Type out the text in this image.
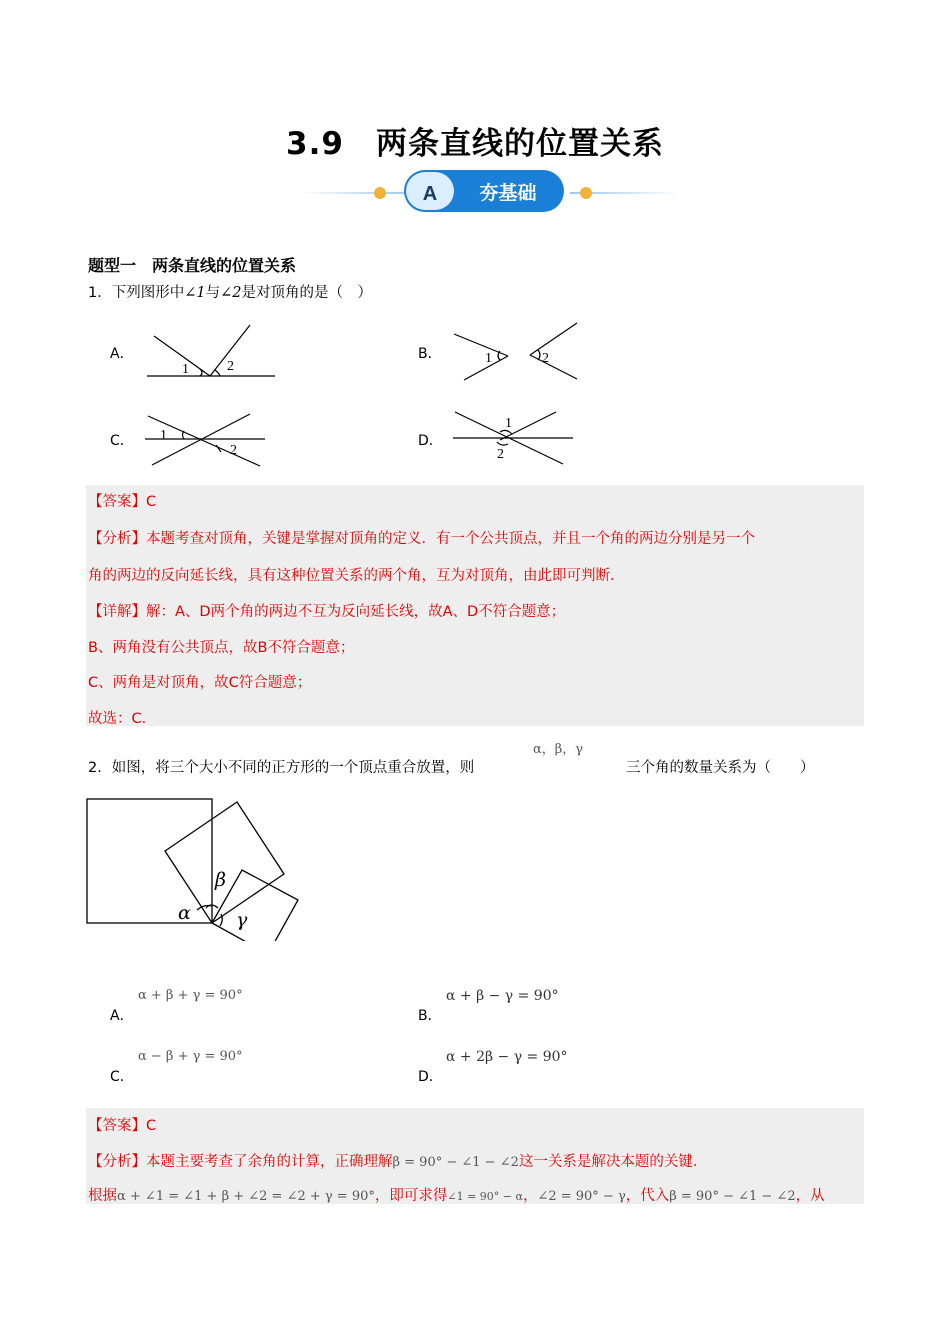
3.9　两条直线的位置关系
A 夯基础
题型一　两条直线的位置关系
1．下列图形中∠1与∠2是对顶角的是（　）
A．
1	2
B．	1	2
C． 1
2
D．
1
2
【答案】C
【分析】本题考查对顶角，关键是掌握对顶角的定义．有一个公共顶点，并且一个角的两边分别是另一个
角的两边的反向延长线，具有这种位置关系的两个角，互为对顶角，由此即可判断．
【详解】解：A、D两个角的两边不互为反向延长线，故A、D不符合题意；
B、两角没有公共顶点，故B不符合题意；
C、两角是对顶角，故C符合题意；
故选：C．
2．如图，将三个大小不同的正方形的一个顶点重合放置，则
α，β，γ
三个角的数量关系为（　　）
α
β
γ
A．
α + β + γ = 90°
B．
α + β − γ = 90°
C．
α − β + γ = 90°
D．
α + 2β − γ = 90°
【答案】C
【分析】本题主要考查了余角的计算，正确理解β = 90° − ∠1 − ∠2这一关系是解决本题的关键．
根据α + ∠1 = ∠1 + β + ∠2 = ∠2 + γ = 90°，即可求得∠1 = 90° − α，∠2 = 90° − γ，代入β = 90° − ∠1 − ∠2，从
